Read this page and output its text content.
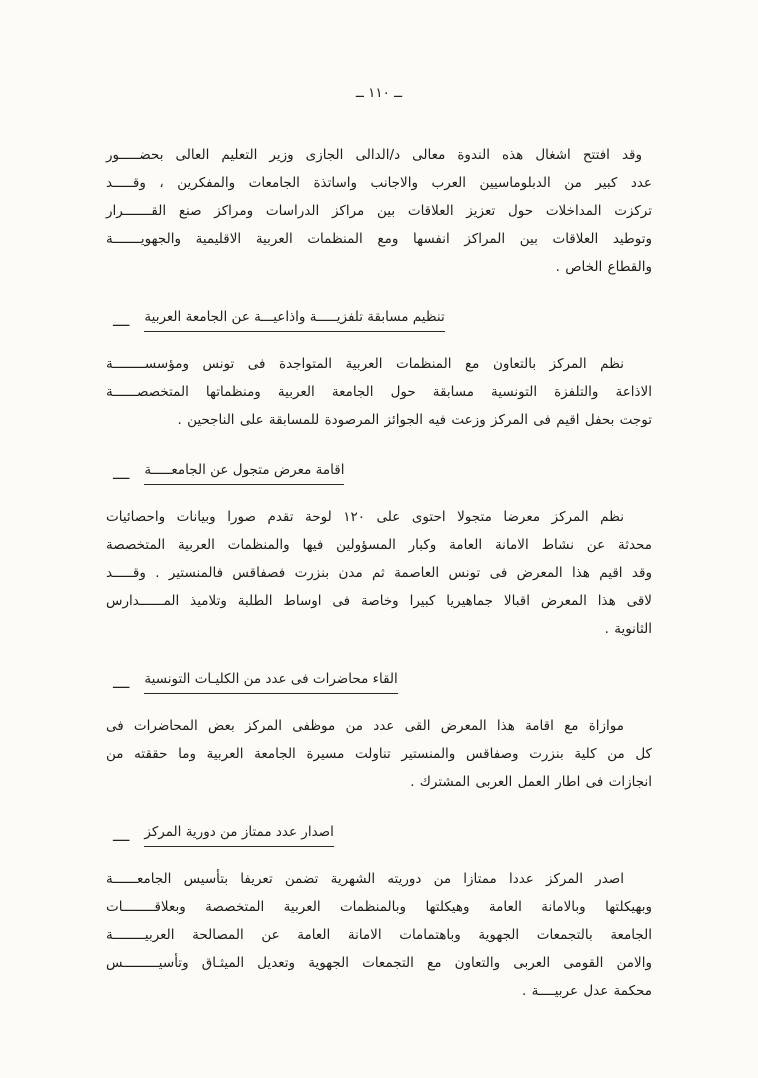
ــ ١١٠ ــ
وقد افتتح اشغال هذه الندوة معالى د/الدالى الجازى وزير التعليم العالى بحضـــــور
عدد كبير من الدبلوماسيين العرب والاجانب واساتذة الجامعات والمفكرين ، وقـــــد
تركزت المداخلات حول تعزيز العلاقات بين مراكز الدراسات ومراكز صنع القـــــــرار
وتوطيد العلاقات بين المراكز انفسها ومع المنظمات العربية الاقليمية والجهويـــــــة
والقطاع الخاص .
ــــ تنظيم مسابقة تلفزيـــــة واذاعيـــة عن الجامعة العربية
نظم المركز بالتعاون مع المنظمات العربية المتواجدة فى تونس ومؤسســــــــة
الاذاعة والتلفزة التونسية مسابقة حول الجامعة العربية ومنظماتها المتخصصــــــة
توجت بحفل اقيم فى المركز وزعت فيه الجوائز المرصودة للمسابقة على الناجحين .
ــــ اقامة معرض متجول عن الجامعـــــة
نظم المركز معرضا متجولا احتوى على ١٢٠ لوحة تقدم صورا وبيانات واحصائيات
محدثة عن نشاط الامانة العامة وكبار المسؤولين فيها والمنظمات العربية المتخصصة
وقد اقيم هذا المعرض فى تونس العاصمة ثم مدن بنزرت فصفاقس فالمنستير . وقـــــد
لاقى هذا المعرض اقبالا جماهيريا كبيرا وخاصة فى اوساط الطلبة وتلاميذ المــــــدارس
الثانوية .
ــــ القاء محاضرات فى عدد من الكليـات التونسية
موازاة مع اقامة هذا المعرض القى عدد من موظفى المركز بعض المحاضرات فى
كل من كلية بنزرت وصفاقس والمنستير تناولت مسيرة الجامعة العربية وما حققته من
انجازات فى اطار العمل العربى المشترك .
ــــ اصدار عدد ممتاز من دورية المركز
اصدر المركز عددا ممتازا من دوريته الشهرية تضمن تعريفا بتأسيس الجامعــــــة
وبهيكلتها وبالامانة العامة وهيكلتها وبالمنظمات العربية المتخصصة وبعلاقــــــــات
الجامعة بالتجمعات الجهوية وباهتمامات الامانة العامة عن المصالحة العربيــــــــة
والامن القومى العربى والتعاون مع التجمعات الجهوية وتعديل الميثـاق وتأسيـــــــــس
محكمة عدل عربيــــة .
